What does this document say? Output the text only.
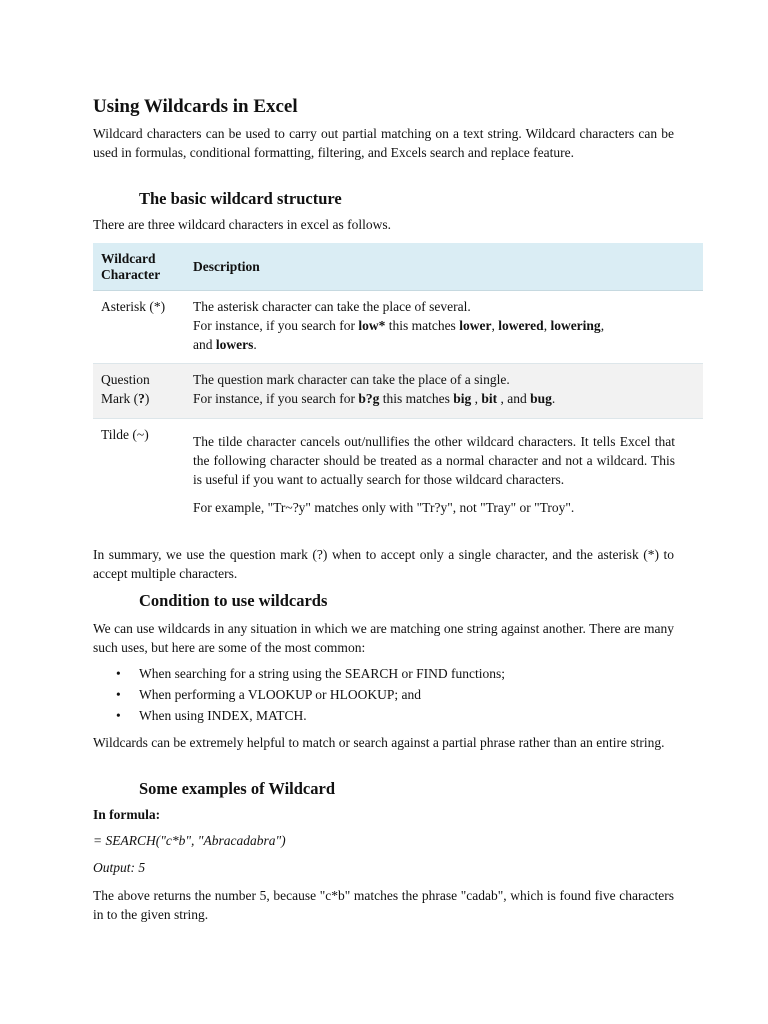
Using Wildcards in Excel

Wildcard characters can be used to carry out partial matching on a text string. Wildcard characters can be used in formulas, conditional formatting, filtering, and Excels search and replace feature.

The basic wildcard structure

There are three wildcard characters in excel as follows.

Wildcard
Character	Description
Asterisk (*)	The asterisk character can take the place of several.
For instance, if you search for low* this matches lower, lowered, lowering,
and lowers.
Question
Mark (?)	The question mark character can take the place of a single.
For instance, if you search for b?g this matches big , bit , and bug.
Tilde (~)	The tilde character cancels out/nullifies the other wildcard characters. It tells Excel that the following character should be treated as a normal character and not a wildcard. This is useful if you want to actually search for those wildcard characters.

For example, "Tr~?y" matches only with "Tr?y", not "Tray" or "Troy".

In summary, we use the question mark (?) when to accept only a single character, and the asterisk (*) to accept multiple characters.

Condition to use wildcards

We can use wildcards in any situation in which we are matching one string against another. There are many such uses, but here are some of the most common:

• When searching for a string using the SEARCH or FIND functions;
• When performing a VLOOKUP or HLOOKUP; and
• When using INDEX, MATCH.

Wildcards can be extremely helpful to match or search against a partial phrase rather than an entire string.

Some examples of Wildcard

In formula:

= SEARCH("c*b", "Abracadabra")

Output: 5

The above returns the number 5, because "c*b" matches the phrase "cadab", which is found five characters in to the given string.
